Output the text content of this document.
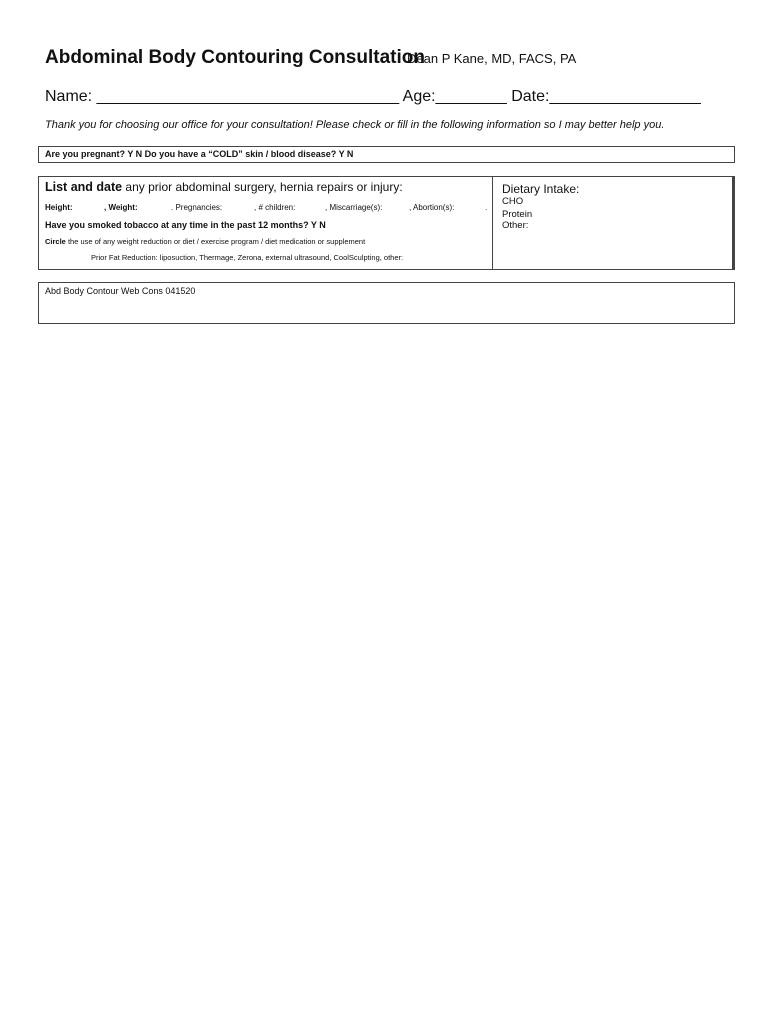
Abdominal Body Contouring Consultation
Dean P Kane, MD, FACS, PA
Name: __________________________________ Age:________ Date:_________________
Thank you for choosing our office for your consultation! Please check or fill in the following information so I may better help you.
Are you pregnant? Y N Do you have a “COLD” skin / blood disease? Y N
List and date any prior abdominal surgery, hernia repairs or injury:
Height:	, Weight:	. Pregnancies:	, # children:	, Miscarriage(s):	, Abortion(s):	.
Have you smoked tobacco at any time in the past 12 months? Y N
Circle the use of any weight reduction or diet / exercise program / diet medication or supplement
Prior Fat Reduction: liposuction, Thermage, Zerona, external ultrasound, CoolSculpting, other:
Dietary Intake:
CHO
Protein
Other:
Abd Body Contour Web Cons 041520
